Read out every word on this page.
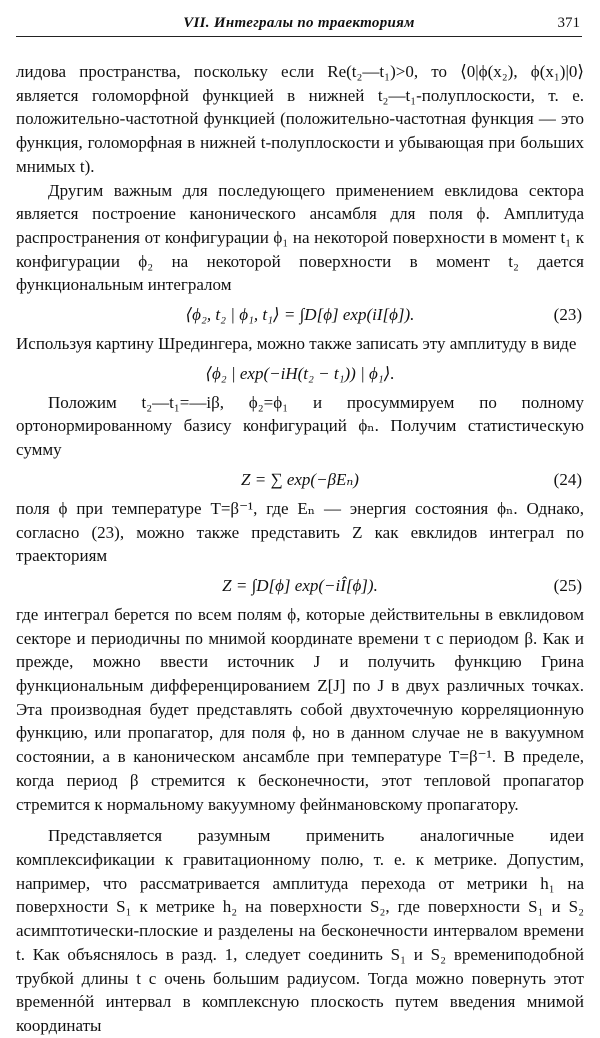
VII. Интегралы по траекториям	371

лидова пространства, поскольку если Re(t₂—t₁)>0, то ⟨0|ϕ(x₂), ϕ(x₁)|0⟩ является голоморфной функцией в нижней t₂—t₁-полуплоскости, т. е. положительно-частотной функцией (положительно-частотная функция — это функция, голоморфная в нижней t-полуплоскости и убывающая при больших мнимых t).

Другим важным для последующего применением евклидова сектора является построение канонического ансамбля для поля ϕ. Амплитуда распространения от конфигурации ϕ₁ на некоторой поверхности в момент t₁ к конфигурации ϕ₂ на некоторой поверхности в момент t₂ дается функциональным интегралом

⟨ϕ₂, t₂ | ϕ₁, t₁⟩ = ∫D[ϕ] exp(iI[ϕ]).	(23)

Используя картину Шредингера, можно также записать эту амплитуду в виде

⟨ϕ₂ | exp(−iH(t₂ − t₁)) | ϕ₁⟩.

Положим t₂—t₁=—iβ, ϕ₂=ϕ₁ и просуммируем по полному ортонормированному базису конфигураций ϕₙ. Получим статистическую сумму

Z = ∑ exp(−βEₙ)	(24)

поля ϕ при температуре T=β⁻¹, где Eₙ — энергия состояния ϕₙ. Однако, согласно (23), можно также представить Z как евклидов интеграл по траекториям

Z = ∫D[ϕ] exp(−iÎ[ϕ]).	(25)

где интеграл берется по всем полям ϕ, которые действительны в евклидовом секторе и периодичны по мнимой координате времени τ с периодом β. Как и прежде, можно ввести источник J и получить функцию Грина функциональным дифференцированием Z[J] по J в двух различных точках. Эта производная будет представлять собой двухточечную корреляционную функцию, или пропагатор, для поля ϕ, но в данном случае не в вакуумном состоянии, а в каноническом ансамбле при температуре T=β⁻¹. В пределе, когда период β стремится к бесконечности, этот тепловой пропагатор стремится к нормальному вакуумному фейнмановскому пропагатору.

Представляется разумным применить аналогичные идеи комплексификации к гравитационному полю, т. е. к метрике. Допустим, например, что рассматривается амплитуда перехода от метрики h₁ на поверхности S₁ к метрике h₂ на поверхности S₂, где поверхности S₁ и S₂ асимптотически-плоские и разделены на бесконечности интервалом времени t. Как объяснялось в разд. 1, следует соединить S₁ и S₂ времениподобной трубкой длины t с очень большим радиусом. Тогда можно повернуть этот временнóй интервал в комплексную плоскость путем введения мнимой координаты
